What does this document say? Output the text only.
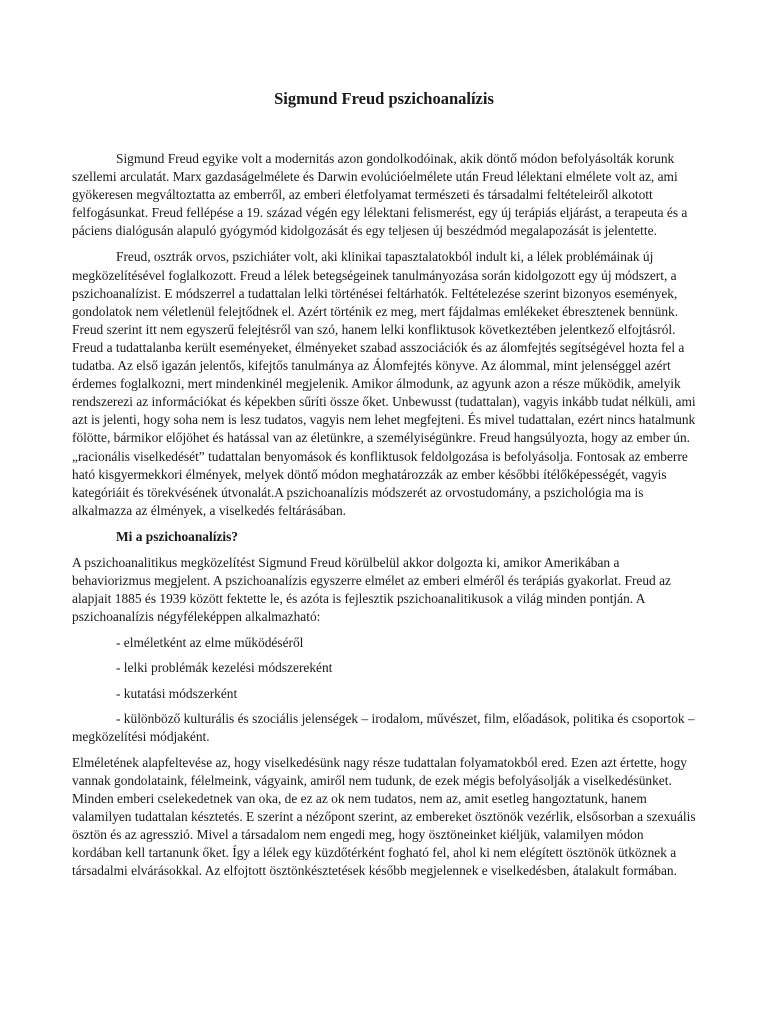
Sigmund Freud pszichoanalízis

Sigmund Freud egyike volt a modernitás azon gondolkodóinak, akik döntő módon befolyásolták korunk szellemi arculatát. Marx gazdaságelmélete és Darwin evolúcióelmélete után Freud lélektani elmélete volt az, ami gyökeresen megváltoztatta az emberről, az emberi életfolyamat természeti és társadalmi feltételeiről alkotott felfogásunkat. Freud fellépése a 19. század végén egy lélektani felismerést, egy új terápiás eljárást, a terapeuta és a páciens dialógusán alapuló gyógymód kidolgozását és egy teljesen új beszédmód megalapozását is jelentette.

Freud, osztrák orvos, pszichiáter volt, aki klinikai tapasztalatokból indult ki, a lélek problémáinak új megközelítésével foglalkozott. Freud a lélek betegségeinek tanulmányozása során kidolgozott egy új módszert, a pszichoanalízist. E módszerrel a tudattalan lelki történései feltárhatók. Feltételezése szerint bizonyos események, gondolatok nem véletlenül felejtődnek el. Azért történik ez meg, mert fájdalmas emlékeket ébresztenek bennünk. Freud szerint itt nem egyszerű felejtésről van szó, hanem lelki konfliktusok következtében jelentkező elfojtásról. Freud a tudattalanba került eseményeket, élményeket szabad asszociációk és az álomfejtés segítségével hozta fel a tudatba. Az első igazán jelentős, kifejtős tanulmánya az Álomfejtés könyve. Az álommal, mint jelenséggel azért érdemes foglalkozni, mert mindenkinél megjelenik. Amikor álmodunk, az agyunk azon a része működik, amelyik rendszerezi az információkat és képekben sűríti össze őket. Unbewusst (tudattalan), vagyis inkább tudat nélküli, ami azt is jelenti, hogy soha nem is lesz tudatos, vagyis nem lehet megfejteni. És mivel tudattalan, ezért nincs hatalmunk fölötte, bármikor előjöhet és hatással van az életünkre, a személyiségünkre. Freud hangsúlyozta, hogy az ember ún. „racionális viselkedését” tudattalan benyomások és konfliktusok feldolgozása is befolyásolja. Fontosak az emberre ható kisgyermekkori élmények, melyek döntő módon meghatározzák az ember későbbi ítélőképességét, vagyis kategóriáit és törekvésének útvonalát.A pszichoanalízis módszerét az orvostudomány, a pszichológia ma is alkalmazza az élmények, a viselkedés feltárásában.

Mi a pszichoanalízis?

A pszichoanalitikus megközelítést Sigmund Freud körülbelül akkor dolgozta ki, amikor Amerikában a behaviorizmus megjelent. A pszichoanalízis egyszerre elmélet az emberi elméről és terápiás gyakorlat. Freud az alapjait 1885 és 1939 között fektette le, és azóta is fejlesztik pszichoanalitikusok a világ minden pontján. A pszichoanalízis négyféleképpen alkalmazható:

- elméletként az elme működéséről
- lelki problémák kezelési módszereként
- kutatási módszerként
- különböző kulturális és szociális jelenségek – irodalom, művészet, film, előadások, politika és csoportok – megközelítési módjaként.

Elméletének alapfeltevése az, hogy viselkedésünk nagy része tudattalan folyamatokból ered. Ezen azt értette, hogy vannak gondolataink, félelmeink, vágyaink, amiről nem tudunk, de ezek mégis befolyásolják a viselkedésünket. Minden emberi cselekedetnek van oka, de ez az ok nem tudatos, nem az, amit esetleg hangoztatunk, hanem valamilyen tudattalan késztetés. E szerint a nézőpont szerint, az embereket ösztönök vezérlik, elsősorban a szexuális ösztön és az agresszió. Mivel a társadalom nem engedi meg, hogy ösztöneinket kiéljük, valamilyen módon kordában kell tartanunk őket. Így a lélek egy küzdőtérként fogható fel, ahol ki nem elégített ösztönök ütköznek a társadalmi elvárásokkal. Az elfojtott ösztönkésztetések később megjelennek e viselkedésben, átalakult formában.
